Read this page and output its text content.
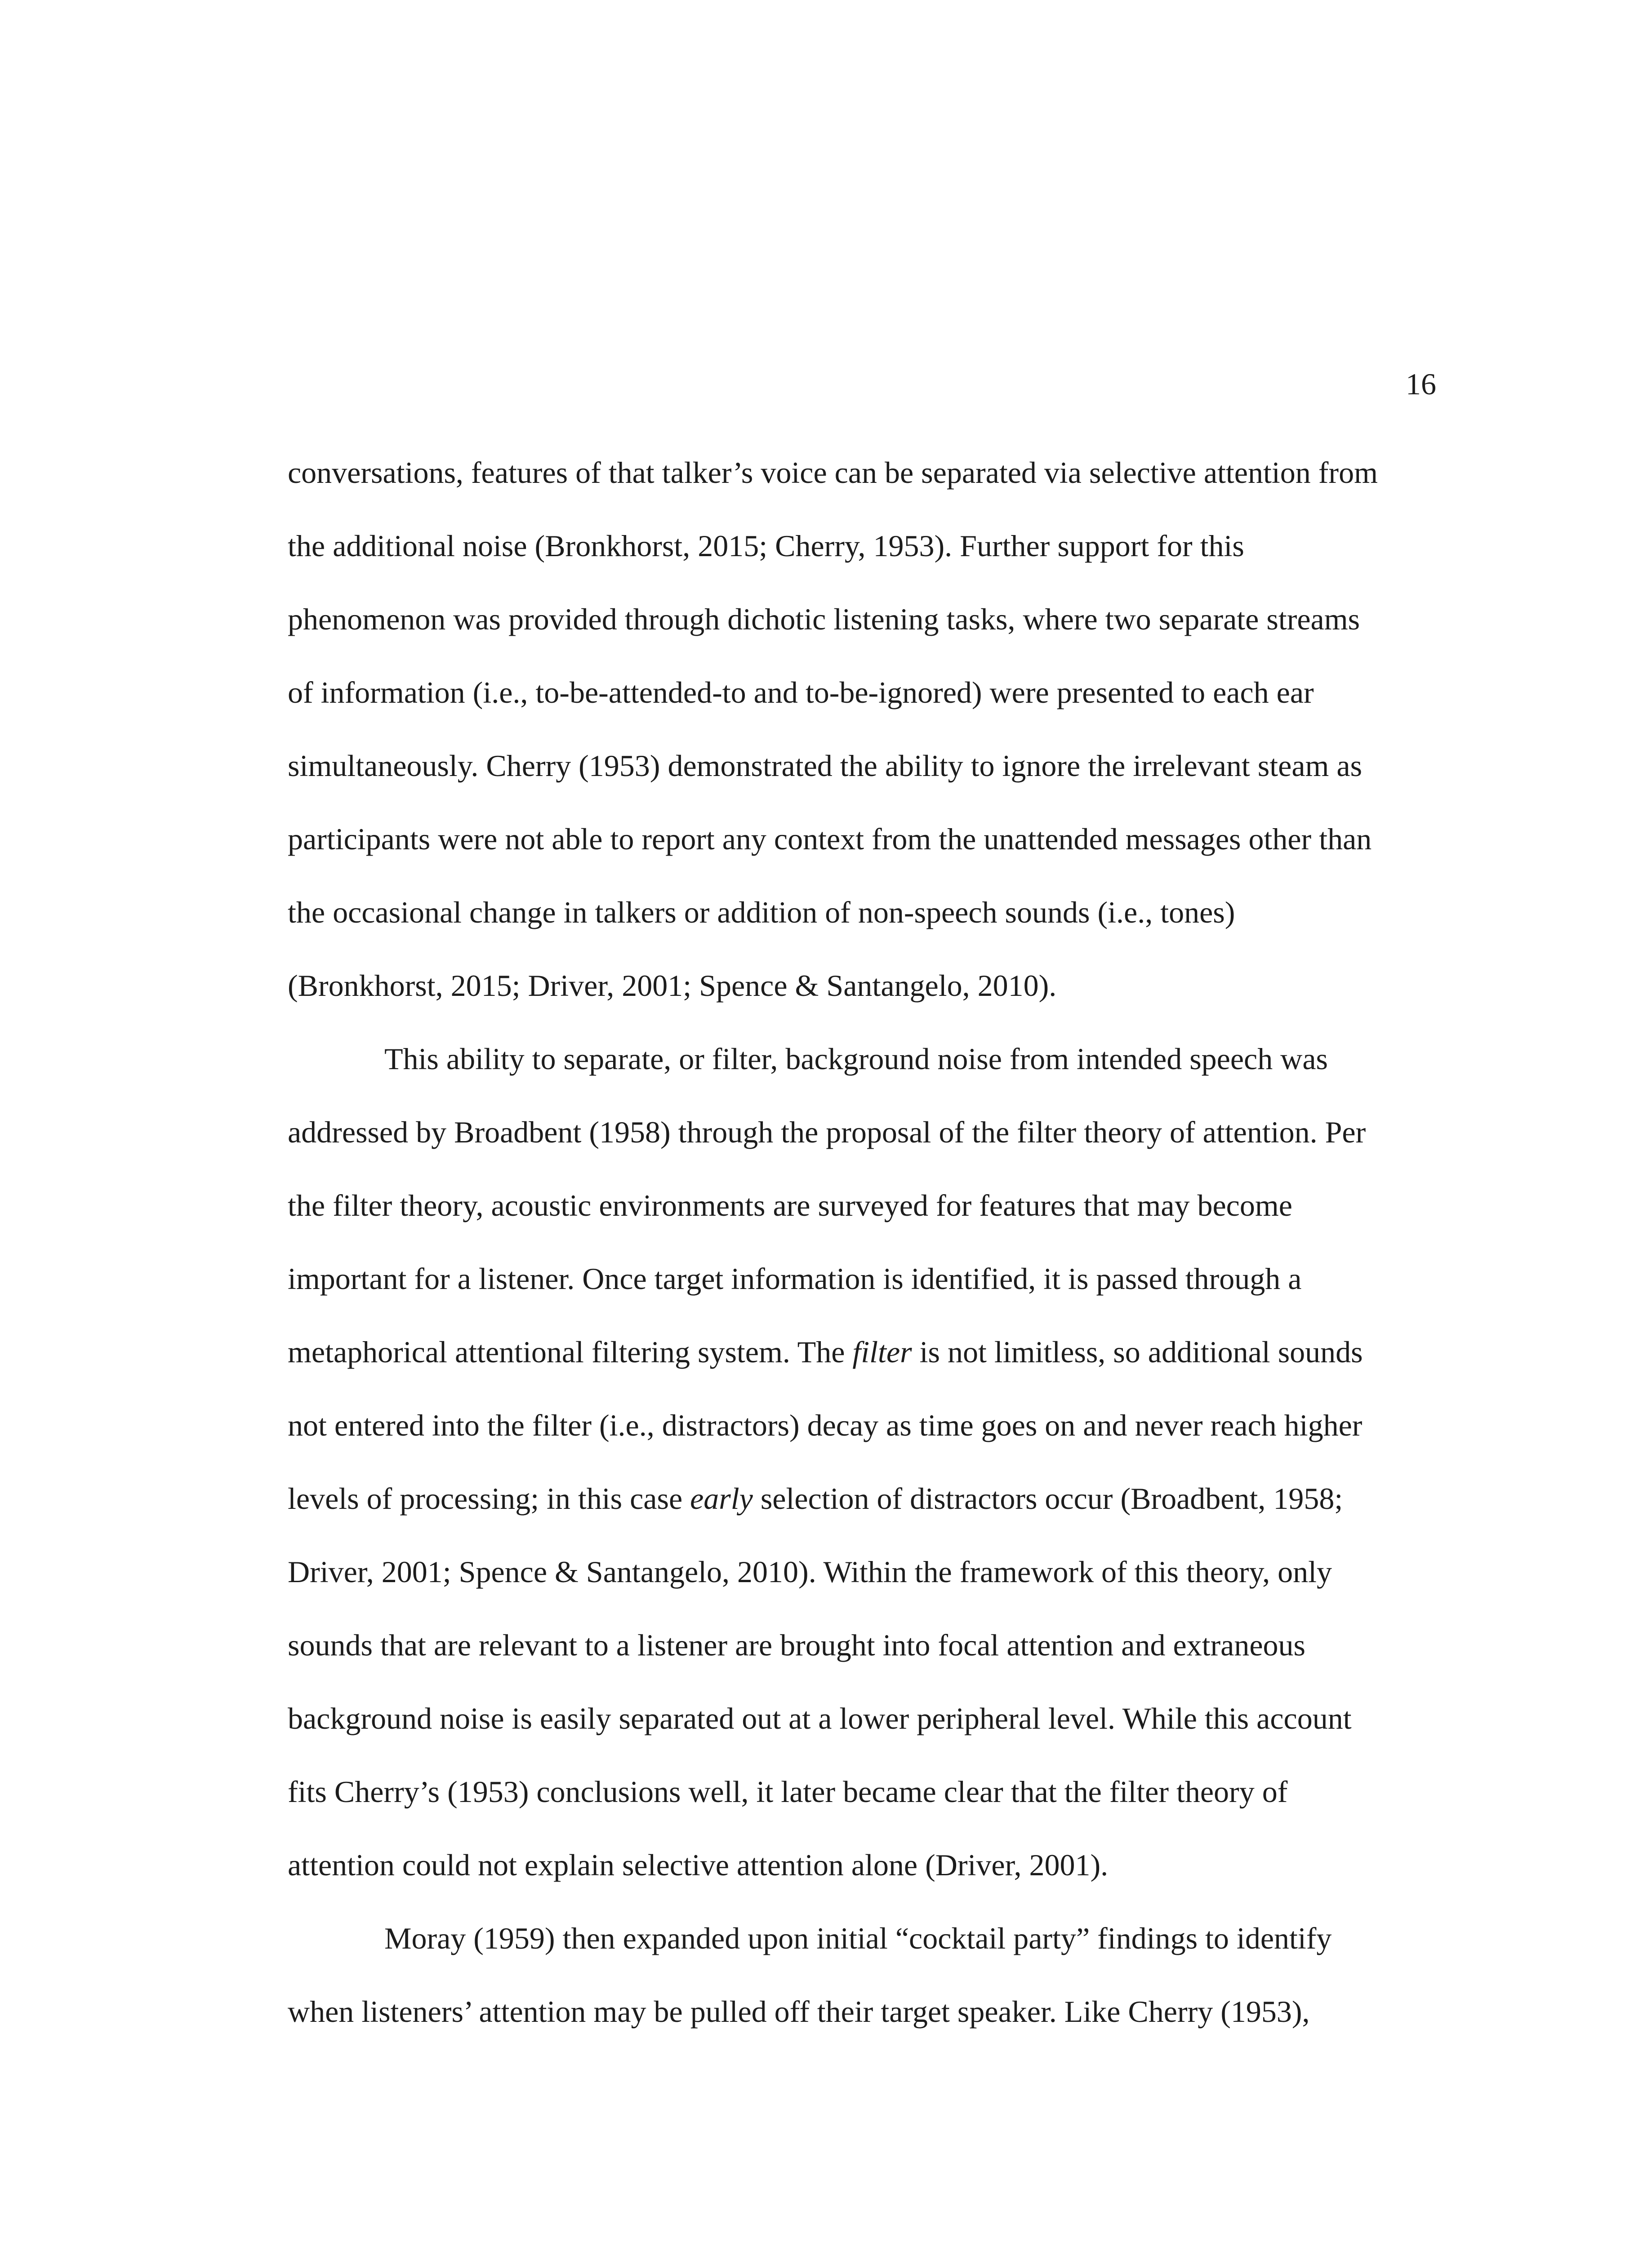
16
conversations, features of that talker’s voice can be separated via selective attention from
the additional noise (Bronkhorst, 2015; Cherry, 1953). Further support for this
phenomenon was provided through dichotic listening tasks, where two separate streams
of information (i.e., to-be-attended-to and to-be-ignored) were presented to each ear
simultaneously. Cherry (1953) demonstrated the ability to ignore the irrelevant steam as
participants were not able to report any context from the unattended messages other than
the occasional change in talkers or addition of non-speech sounds (i.e., tones)
(Bronkhorst, 2015; Driver, 2001; Spence & Santangelo, 2010).
This ability to separate, or filter, background noise from intended speech was
addressed by Broadbent (1958) through the proposal of the filter theory of attention. Per
the filter theory, acoustic environments are surveyed for features that may become
important for a listener. Once target information is identified, it is passed through a
metaphorical attentional filtering system. The filter is not limitless, so additional sounds
not entered into the filter (i.e., distractors) decay as time goes on and never reach higher
levels of processing; in this case early selection of distractors occur (Broadbent, 1958;
Driver, 2001; Spence & Santangelo, 2010). Within the framework of this theory, only
sounds that are relevant to a listener are brought into focal attention and extraneous
background noise is easily separated out at a lower peripheral level. While this account
fits Cherry’s (1953) conclusions well, it later became clear that the filter theory of
attention could not explain selective attention alone (Driver, 2001).
Moray (1959) then expanded upon initial “cocktail party” findings to identify
when listeners’ attention may be pulled off their target speaker. Like Cherry (1953),
